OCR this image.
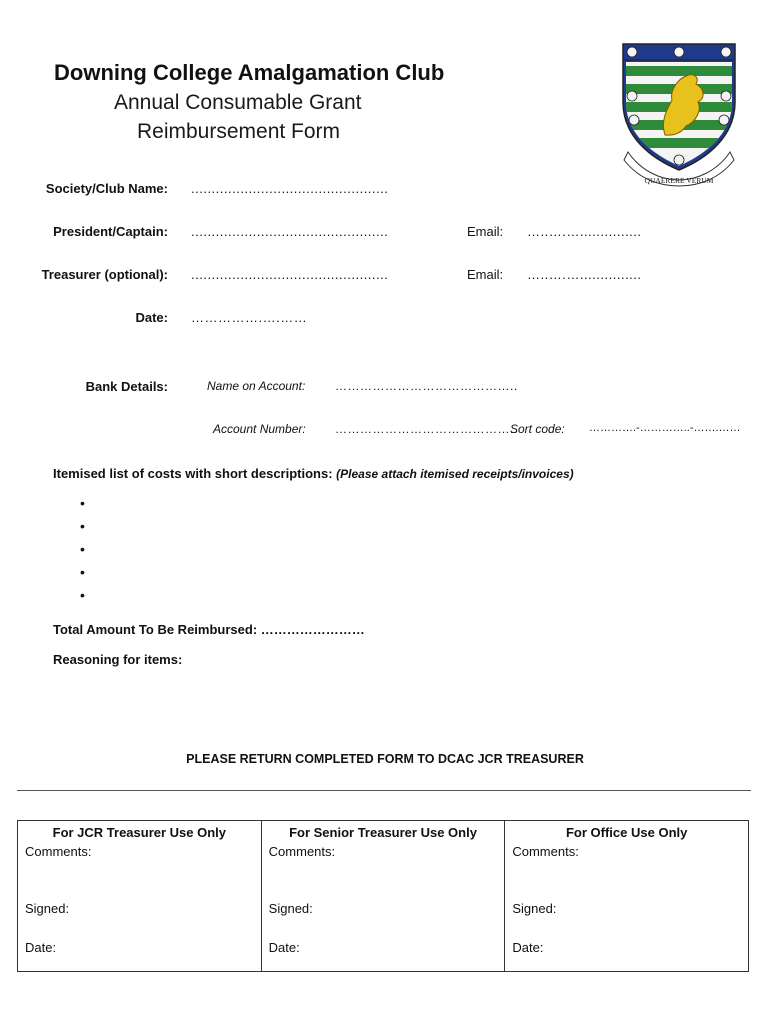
Downing College Amalgamation Club
Annual Consumable Grant
Reimbursement Form
QUAERERE VERUM
Society/Club Name: ................................................
President/Captain: ................................................	Email: …..….…...............
Treasurer (optional): ................................................	Email: …..….…...............
Date: …………….….……
Bank Details:	Name on Account: ……………………………………..
Account Number: ……………………………………..
Sort code: ………….-…………..-…….……
Itemised list of costs with short descriptions: (Please attach itemised receipts/invoices)
•
•
•
•
•
Total Amount To Be Reimbursed: ……………………
Reasoning for items:
PLEASE RETURN COMPLETED FORM TO DCAC JCR TREASURER
For JCR Treasurer Use Only
Comments:
Signed:
Date:
For Senior Treasurer Use Only
Comments:
Signed:
Date:
For Office Use Only
Comments:
Signed:
Date:
